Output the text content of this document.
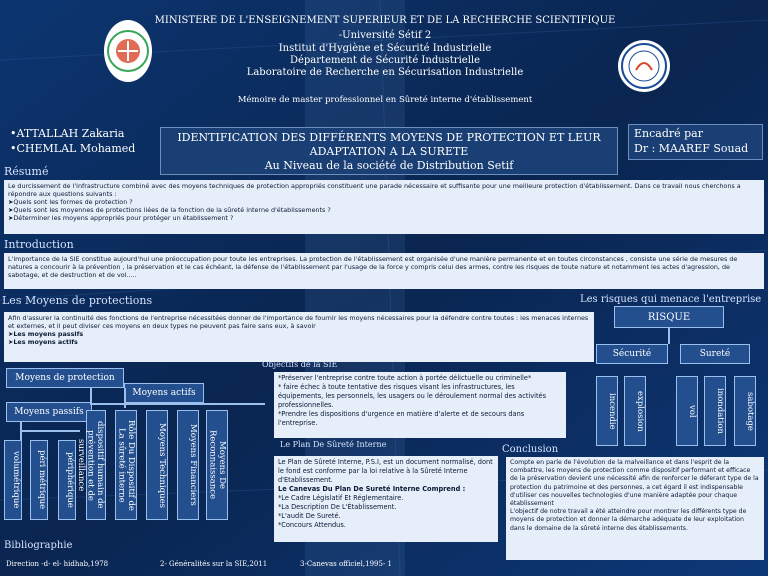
MINISTERE DE L'ENSEIGNEMENT SUPERIEUR ET DE LA RECHERCHE SCIENTIFIQUE
-Université Sétif 2
Institut d'Hygiène et Sécurité Industrielle
Département de Sécurité Industrielle
Laboratoire de Recherche en Sécurisation Industrielle
Mémoire de master professionnel en Sûreté interne d'établissement
•ATTALLAH Zakaria
•CHEMLAL Mohamed
IDENTIFICATION DES DIFFÉRENTS MOYENS DE PROTECTION ET LEUR
ADAPTATION A LA SURETE
Au Niveau de la société de Distribution Setif
Encadré par
Dr : MAAREF Souad
Résumé
Le durcissement de l'infrastructure combiné avec des moyens techniques de protection appropriés constituent une parade nécessaire et suffisante pour une meilleure protection d'établissement. Dans ce travail nous cherchons a répondre aux questions suivants :
➤Quels sont les formes de protection ?
➤Quels sont les moyennes de protections liées de la fonction de la sûreté interne d'établissements ?
➤Déterminer les moyens appropriés pour protéger un établissement ?
Introduction
L'importance de la SIE constitue aujourd'hui une préoccupation pour toute les entreprises. La protection de l'établissement est organisée d'une manière permanente et en toutes circonstances , consiste une série de mesures de natures a concourir à la prévention , la préservation et le cas échéant, la défense de l'établissement par l'usage de la force y compris celui des armes, contre les risques de toute nature et notamment les actes d'agression, de sabotage, et de destruction et de vol.....
Les Moyens de protections
Afin d'assurer la continuité des fonctions de l'entreprise nécessitées donner de l'importance de fournir les moyens nécessaires pour la défendre contre toutes : les menaces internes et externes, et il peut diviser ces moyens en deux types ne peuvent pas faire sans eux, à savoir
➤Les moyens passifs
➤Les moyens actifs
Les risques qui menace l'entreprise
Moyens de protection
Moyens passifs
Moyens actifs
volumétrique	péri métrique	périphérique	dispositif humain de prévention et de surveillance	Rôle Du Dispositif de La sûreté interne	Moyens Techniques	Moyens Financiers	Moyens De Reconnaissance
RISQUE
Sécurité	Sureté
incendie	explosion	vol	inondation	sabotage
Objectifs de la SIE
*Préserver l'entreprise contre toute action à portée délictuelle ou criminelle*
* faire échec à toute tentative des risques visant les infrastructures, les équipements, les personnels, les usagers ou le déroulement normal des activités professionnelles.
*Prendre les dispositions d'urgence en matière d'alerte et de secours dans l'entreprise.
Le Plan De Sûreté Interne
Le Plan de Sûreté Interne, P.S.I, est un document normalisé, dont le fond est conforme par la loi relative à la Sûreté Interne d'Etablissement.
Le Canevas Du Plan De Sureté Interne Comprend :
*Le Cadre Législatif Et Réglementaire.
*La Description De L'Établissement.
*L'audit De Sureté.
*Concours Attendus.
Conclusion
Compte en parle de l'évolution de la malveillance et dans l'esprit de la combattre, les moyens de protection comme dispositif performant et efficace de la préservation devient une nécessité afin de renforcer le déferant type de la protection du patrimoine et des personnes, a cet égard il est indispensable d'utiliser ces nouvelles technologies d'une manière adaptée pour chaque établissement
L'objectif de notre travail a été atteindre pour montrer les différents type de moyens de protection et donner la démarche adéquate de leur exploitation dans le domaine de la sûreté interne des établissements.
Bibliographie
Direction -d- el- hidhab,1978	2- Généralités sur la SIE,2011	3-Canevas officiel,1995- 1
